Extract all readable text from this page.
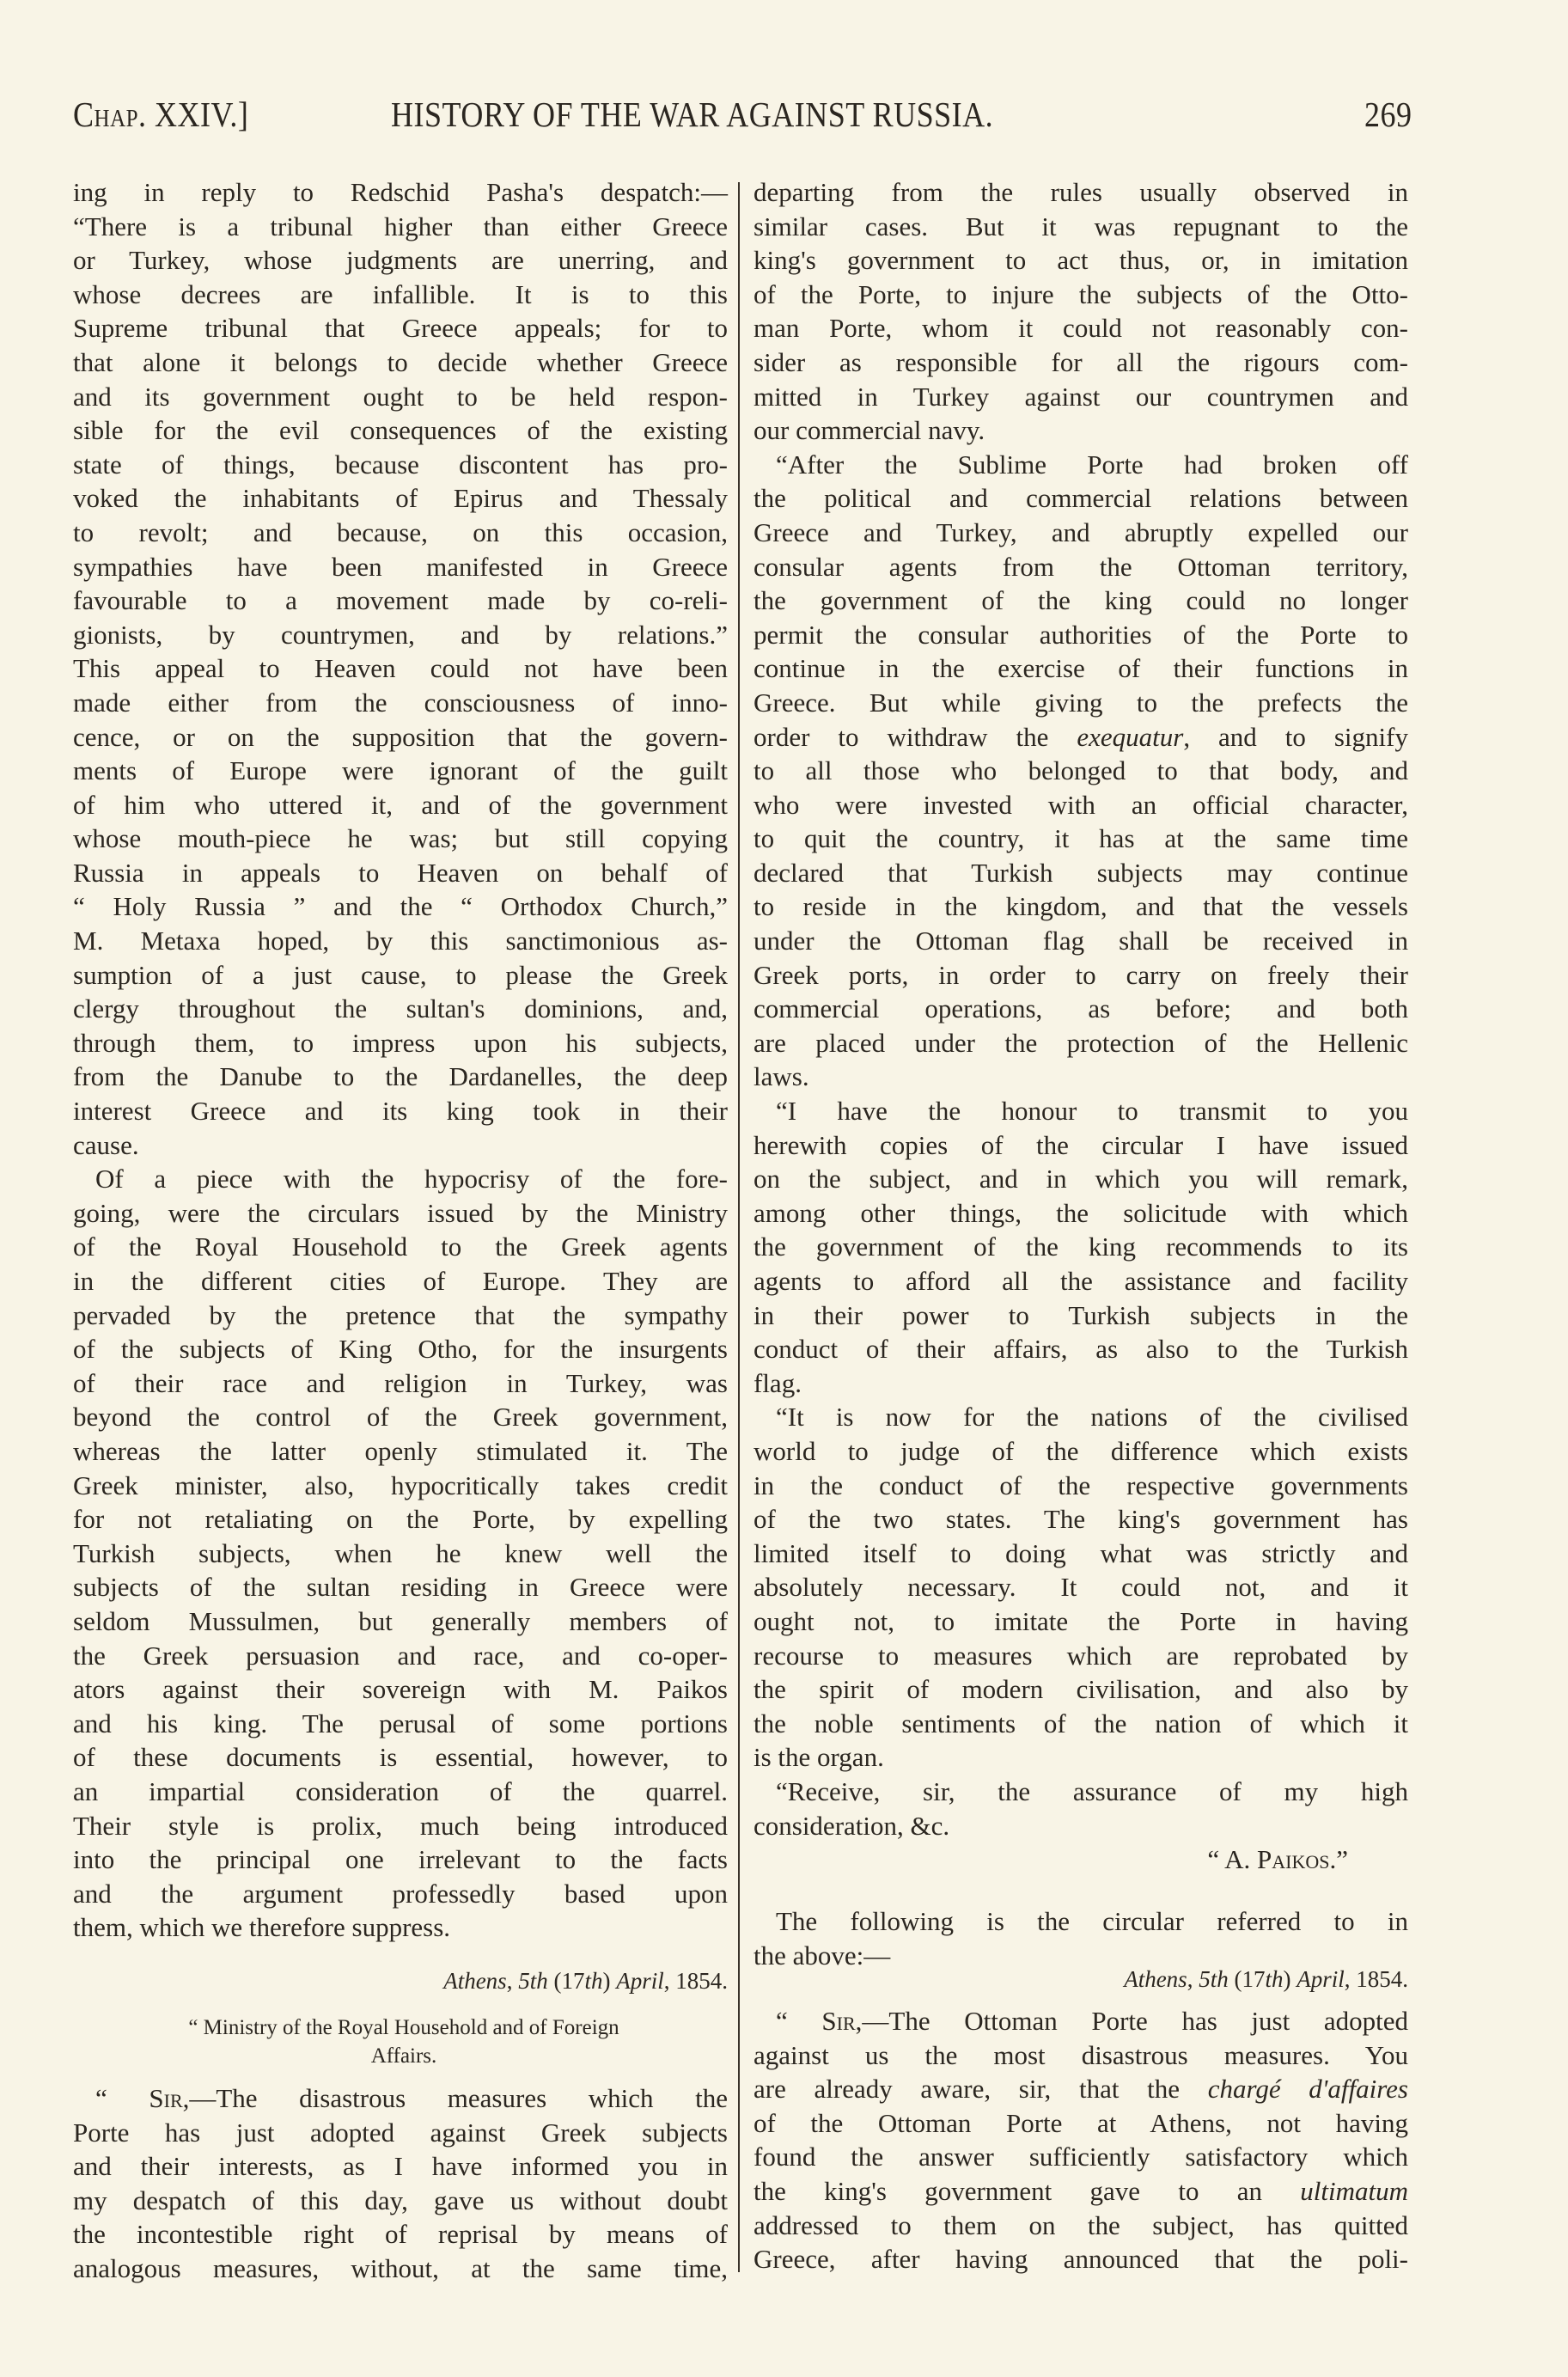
Chap. XXIV.]	HISTORY OF THE WAR AGAINST RUSSIA.	269
ing in reply to Redschid Pasha's despatch:—
“There is a tribunal higher than either Greece
or Turkey, whose judgments are unerring, and
whose decrees are infallible. It is to this
Supreme tribunal that Greece appeals; for to
that alone it belongs to decide whether Greece
and its government ought to be held respon-
sible for the evil consequences of the existing
state of things, because discontent has pro-
voked the inhabitants of Epirus and Thessaly
to revolt; and because, on this occasion,
sympathies have been manifested in Greece
favourable to a movement made by co-reli-
gionists, by countrymen, and by relations.”
This appeal to Heaven could not have been
made either from the consciousness of inno-
cence, or on the supposition that the govern-
ments of Europe were ignorant of the guilt
of him who uttered it, and of the government
whose mouth-piece he was; but still copying
Russia in appeals to Heaven on behalf of
“ Holy Russia ” and the “ Orthodox Church,”
M. Metaxa hoped, by this sanctimonious as-
sumption of a just cause, to please the Greek
clergy throughout the sultan's dominions, and,
through them, to impress upon his subjects,
from the Danube to the Dardanelles, the deep
interest Greece and its king took in their
cause.
Of a piece with the hypocrisy of the fore-
going, were the circulars issued by the Ministry
of the Royal Household to the Greek agents
in the different cities of Europe. They are
pervaded by the pretence that the sympathy
of the subjects of King Otho, for the insurgents
of their race and religion in Turkey, was
beyond the control of the Greek government,
whereas the latter openly stimulated it. The
Greek minister, also, hypocritically takes credit
for not retaliating on the Porte, by expelling
Turkish subjects, when he knew well the
subjects of the sultan residing in Greece were
seldom Mussulmen, but generally members of
the Greek persuasion and race, and co-oper-
ators against their sovereign with M. Paikos
and his king. The perusal of some portions
of these documents is essential, however, to
an impartial consideration of the quarrel.
Their style is prolix, much being introduced
into the principal one irrelevant to the facts
and the argument professedly based upon
them, which we therefore suppress.
Athens, 5th (17th) April, 1854.
“ Ministry of the Royal Household and of Foreign
Affairs.
“ Sir,—The disastrous measures which the
Porte has just adopted against Greek subjects
and their interests, as I have informed you in
my despatch of this day, gave us without doubt
the incontestible right of reprisal by means of
analogous measures, without, at the same time,
departing from the rules usually observed in
similar cases. But it was repugnant to the
king's government to act thus, or, in imitation
of the Porte, to injure the subjects of the Otto-
man Porte, whom it could not reasonably con-
sider as responsible for all the rigours com-
mitted in Turkey against our countrymen and
our commercial navy.
“After the Sublime Porte had broken off
the political and commercial relations between
Greece and Turkey, and abruptly expelled our
consular agents from the Ottoman territory,
the government of the king could no longer
permit the consular authorities of the Porte to
continue in the exercise of their functions in
Greece. But while giving to the prefects the
order to withdraw the exequatur, and to signify
to all those who belonged to that body, and
who were invested with an official character,
to quit the country, it has at the same time
declared that Turkish subjects may continue
to reside in the kingdom, and that the vessels
under the Ottoman flag shall be received in
Greek ports, in order to carry on freely their
commercial operations, as before; and both
are placed under the protection of the Hellenic
laws.
“I have the honour to transmit to you
herewith copies of the circular I have issued
on the subject, and in which you will remark,
among other things, the solicitude with which
the government of the king recommends to its
agents to afford all the assistance and facility
in their power to Turkish subjects in the
conduct of their affairs, as also to the Turkish
flag.
“It is now for the nations of the civilised
world to judge of the difference which exists
in the conduct of the respective governments
of the two states. The king's government has
limited itself to doing what was strictly and
absolutely necessary. It could not, and it
ought not, to imitate the Porte in having
recourse to measures which are reprobated by
the spirit of modern civilisation, and also by
the noble sentiments of the nation of which it
is the organ.
“Receive, sir, the assurance of my high
consideration, &c.
“ A. Paikos.”
The following is the circular referred to in
the above:—
Athens, 5th (17th) April, 1854.
“ Sir,—The Ottoman Porte has just adopted
against us the most disastrous measures. You
are already aware, sir, that the chargé d'affaires
of the Ottoman Porte at Athens, not having
found the answer sufficiently satisfactory which
the king's government gave to an ultimatum
addressed to them on the subject, has quitted
Greece, after having announced that the poli-
